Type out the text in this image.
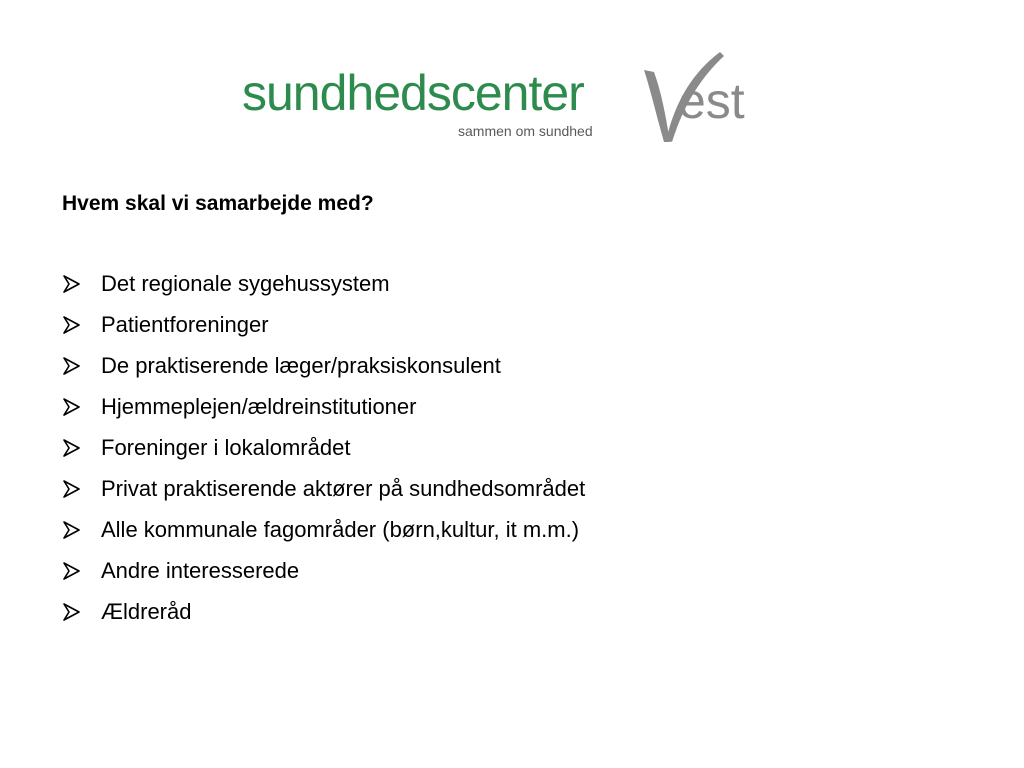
sundhedscenter est
sammen om sundhed
Hvem skal vi samarbejde med?
Det regionale sygehussystem
Patientforeninger
De praktiserende læger/praksiskonsulent
Hjemmeplejen/ældreinstitutioner
Foreninger i lokalområdet
Privat praktiserende aktører på sundhedsområdet
Alle kommunale fagområder (børn,kultur, it m.m.)
Andre interesserede
Ældreråd
